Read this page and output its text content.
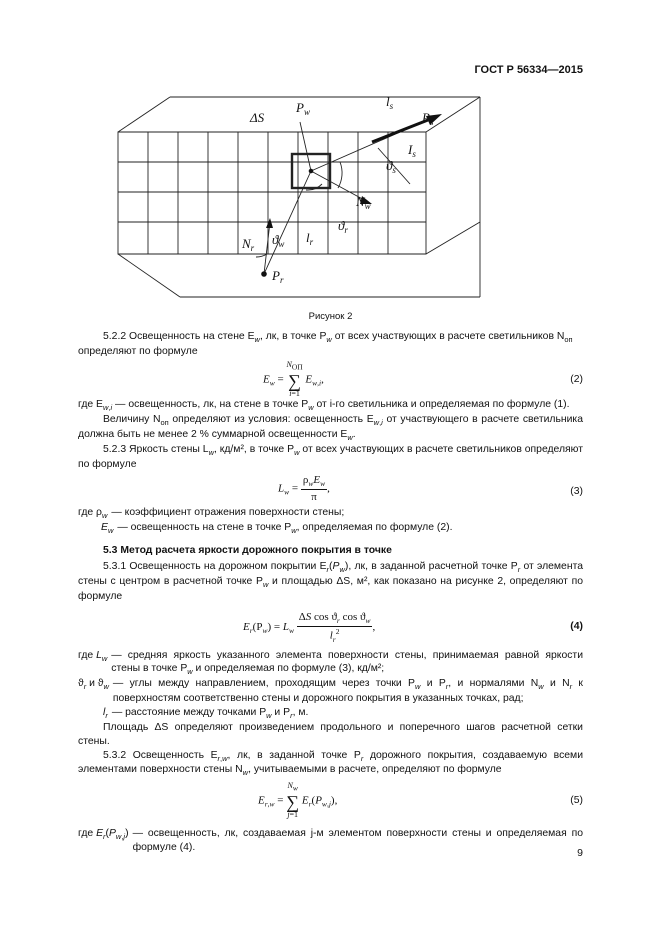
ГОСТ Р 56334—2015
ΔS
$P_w$
$l_s$
$P_s$
$I_s$
$ϑ_s$
$N_w$
$ϑ_r$
$N_r$
$ϑ_w$ $l_r$
$P_r$
Рисунок 2

5.2.2 Освещенность на стене $E_w$, лк, в точке $P_w$ от всех участвующих в расчете светильников $N_{оп}$

определяют по формуле

$E_w = N_{ОП}$
∑
i=1 $E_{w,i}$,	(2)

где $E_{w,i}$ — освещенность, лк, на стене в точке $P_w$ от i-го светильника и определяемая по формуле (1).

Величину $N_{оп}$ определяют из условия: освещенность $E_{w,i}$ от участвующего в расчете светильника должна быть не менее 2 % суммарной освещенности $E_w$.

5.2.3 Яркость стены $L_w$, кд/м², в точке $P_w$ от всех участвующих в расчете светильников определяют по формуле

$L_w = \frac{\rho_wE_w}{\pi}$ ,	(3)
где $\rho_w$ — коэффициент отражения поверхности стены;
$E_w$ — освещенность на стене в точке $P_w$, определяемая по формуле (2).
5.3 Метод расчета яркости дорожного покрытия в точке

5.3.1 Освещенность на дорожном покрытии $E_r(P_w)$, лк, в заданной расчетной точке $P_r$ от элемента стены с центром в расчетной точке $P_w$ и площадью ΔS, м², как показано на рисунке 2, определяют по формуле

$E_r(P_w) = L_w \frac{\Delta S \cos ϑ_r \cos ϑ_w}{l_r^2}$ ,	(4)
где $L_w$ — средняя яркость указанного элемента поверхности стены, принимаемая равной яркости стены в точке $P_w$ и определяемая по формуле (3), кд/м²;
$ϑ_r$ и $ϑ_w$ — углы между направлением, проходящим через точки $P_w$ и $P_r$, и нормалями $N_w$ и $N_r$ к поверхностям соответственно стены и дорожного покрытия в указанных точках, рад;
$l_r$ — расстояние между точками $P_w$ и $P_r$, м.

Площадь ΔS определяют произведением продольного и поперечного шагов расчетной сетки стены.

5.3.2 Освещенность $E_{r,w}$, лк, в заданной точке $P_r$ дорожного покрытия, создаваемую всеми элементами поверхности стены $N_w$, учитываемыми в расчете, определяют по формуле

$E_{r,w} = N_w$
∑
j=1 $E_r(P_{w,j})$,	(5)
где $E_r(P_{w,j})$ — освещенность, лк, создаваемая j-м элементом поверхности стены и определяемая по формуле (4).	9
